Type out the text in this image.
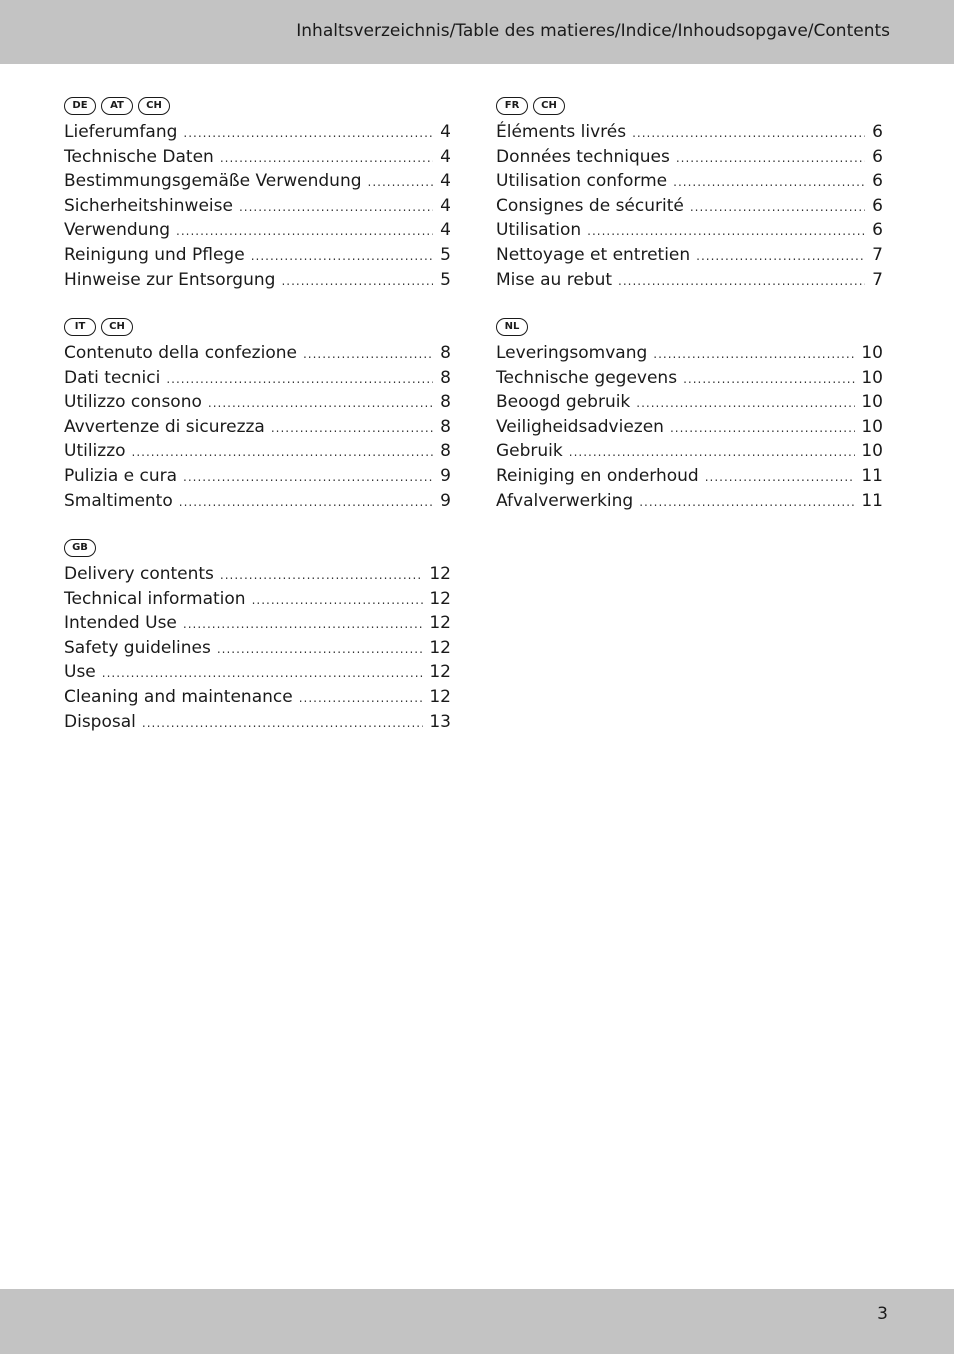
Inhaltsverzeichnis/Table des matieres/Indice/Inhoudsopgave/Contents
DE	AT	CH
Lieferumfang .....	4
Technische Daten .....	4
Bestimmungsgemäße Verwendung .....	4
Sicherheitshinweise .....	4
Verwendung .....	4
Reinigung und Pflege .....	5
Hinweise zur Entsorgung .....	5
FR	CH
Éléments livrés .....	6
Données techniques .....	6
Utilisation conforme .....	6
Consignes de sécurité .....	6
Utilisation .....	6
Nettoyage et entretien .....	7
Mise au rebut .....	7
IT	CH
Contenuto della confezione .....	8
Dati tecnici .....	8
Utilizzo consono .....	8
Avvertenze di sicurezza .....	8
Utilizzo .....	8
Pulizia e cura .....	9
Smaltimento .....	9
NL
Leveringsomvang .....	10
Technische gegevens .....	10
Beoogd gebruik .....	10
Veiligheidsadviezen .....	10
Gebruik .....	10
Reiniging en onderhoud .....	11
Afvalverwerking .....	11
GB
Delivery contents .....	12
Technical information .....	12
Intended Use .....	12
Safety guidelines .....	12
Use .....	12
Cleaning and maintenance .....	12
Disposal .....	13
3
